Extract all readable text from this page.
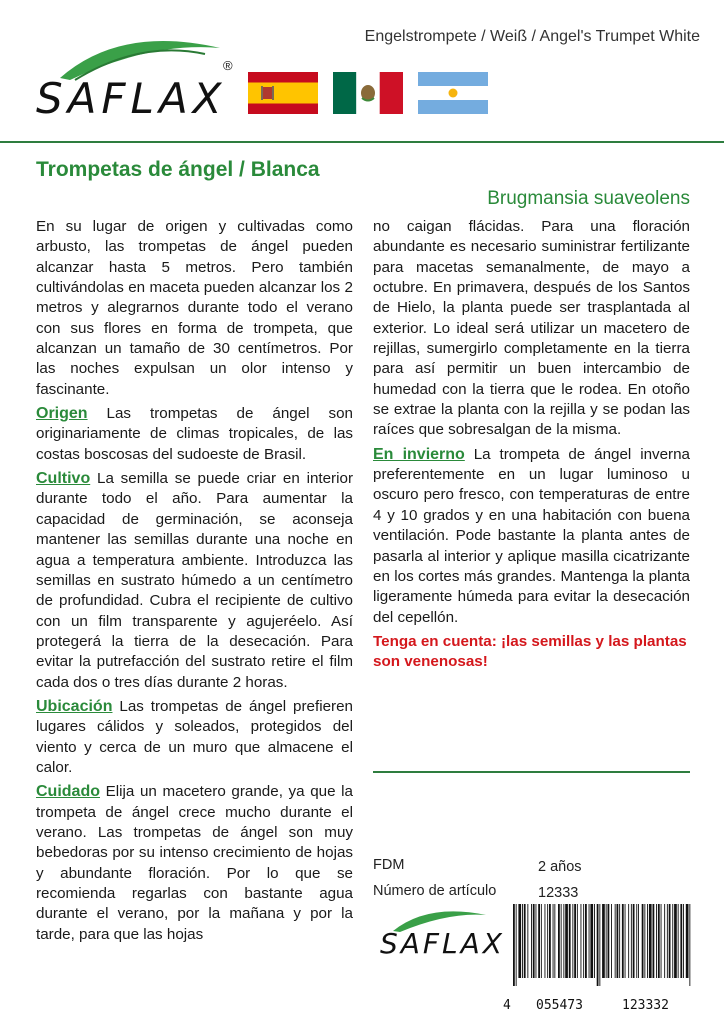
Engelstrompete / Weiß / Angel's Trumpet White
SAFLAX
®
Trompetas de ángel / Blanca
Brugmansia suaveolens

En su lugar de origen y cultivadas como arbusto, las trompetas de ángel pueden alcanzar hasta 5 metros. Pero también cultivándolas en maceta pueden alcanzar los 2 metros y alegrarnos durante todo el verano con sus flores en forma de trompeta, que alcanzan un tamaño de 30 centímetros. Por las noches expulsan un olor intenso y fascinante.

Origen Las trompetas de ángel son originariamente de climas tropicales, de las costas boscosas del sudoeste de Brasil.

Cultivo La semilla se puede criar en interior durante todo el año. Para aumentar la capacidad de germinación, se aconseja mantener las semillas durante una noche en agua a temperatura ambiente. Introduzca las semillas en sustrato húmedo a un centímetro de profundidad. Cubra el recipiente de cultivo con un film transparente y agujeréelo. Así protegerá la tierra de la desecación. Para evitar la putrefacción del sustrato retire el film cada dos o tres días durante 2 horas.

Ubicación Las trompetas de ángel prefieren lugares cálidos y soleados, protegidos del viento y cerca de un muro que almacene el calor.

Cuidado Elija un macetero grande, ya que la trompeta de ángel crece mucho durante el verano. Las trompetas de ángel son muy bebedoras por su intenso crecimiento de hojas y abundante floración. Por lo que se recomienda regarlas con bastante agua durante el verano, por la mañana y por la tarde, para que las hojas

no caigan flácidas. Para una floración abundante es necesario suministrar fertilizante para macetas semanalmente, de mayo a octubre. En primavera, después de los Santos de Hielo, la planta puede ser trasplantada al exterior. Lo ideal será utilizar un macetero de rejillas, sumergirlo completamente en la tierra para así permitir un buen intercambio de humedad con la tierra que le rodea. En otoño se extrae la planta con la rejilla y se podan las raíces que sobresalgan de la misma.

En invierno La trompeta de ángel inverna preferentemente en un lugar luminoso u oscuro pero fresco, con temperaturas de entre 4 y 10 grados y en una habitación con buena ventilación. Pode bastante la planta antes de pasarla al interior y aplique masilla cicatrizante en los cortes más grandes. Mantenga la planta ligeramente húmeda para evitar la desecación del cepellón.

Tenga en cuenta: ¡las semillas y las plantas son venenosas!

FDM	2 años
Número de artículo	12333
SAFLAX
4 055473	123332
